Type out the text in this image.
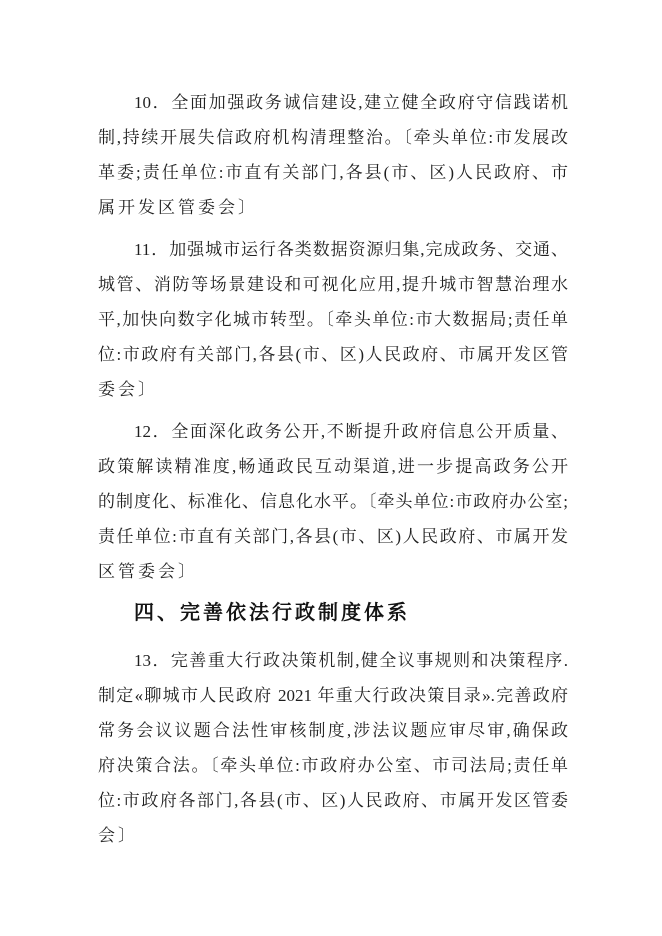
10．全面加强政务诚信建设,建立健全政府守信践诺机

制,持续开展失信政府机构清理整治。〔牵头单位:市发展改

革委;责任单位:市直有关部门,各县(市、区)人民政府、市

属开发区管委会〕

11．加强城市运行各类数据资源归集,完成政务、交通、

城管、消防等场景建设和可视化应用,提升城市智慧治理水

平,加快向数字化城市转型。〔牵头单位:市大数据局;责任单

位:市政府有关部门,各县(市、区)人民政府、市属开发区管

委会〕

12．全面深化政务公开,不断提升政府信息公开质量、

政策解读精准度,畅通政民互动渠道,进一步提高政务公开

的制度化、标准化、信息化水平。〔牵头单位:市政府办公室;

责任单位:市直有关部门,各县(市、区)人民政府、市属开发

区管委会〕

四、完善依法行政制度体系

13．完善重大行政决策机制,健全议事规则和决策程序.

制定«聊城市人民政府 2021 年重大行政决策目录».完善政府

常务会议议题合法性审核制度,涉法议题应审尽审,确保政

府决策合法。〔牵头单位:市政府办公室、市司法局;责任单

位:市政府各部门,各县(市、区)人民政府、市属开发区管委

会〕
